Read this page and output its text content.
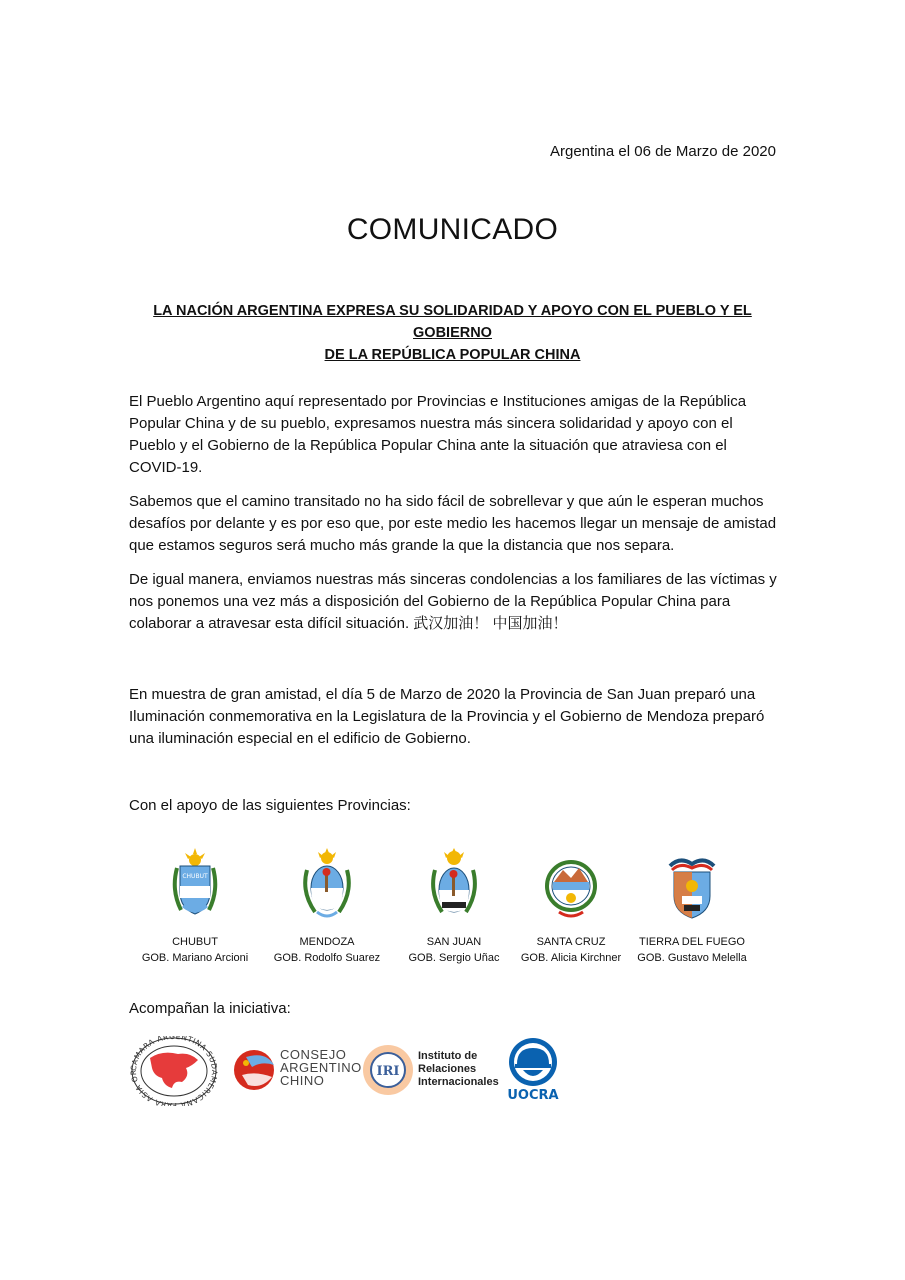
Argentina el 06 de Marzo de 2020
COMUNICADO
LA NACIÓN ARGENTINA EXPRESA SU SOLIDARIDAD Y APOYO CON EL PUEBLO Y EL GOBIERNO
DE LA REPÚBLICA POPULAR CHINA
El Pueblo Argentino aquí representado por Provincias e Instituciones amigas de la República Popular China y de su pueblo, expresamos nuestra más sincera solidaridad y apoyo con el Pueblo y el Gobierno de la República Popular China ante la situación que atraviesa con el COVID-19.
Sabemos que el camino transitado no ha sido fácil de sobrellevar y que aún le esperan muchos desafíos por delante y es por eso que, por este medio les hacemos llegar un mensaje de amistad que estamos seguros será mucho más grande la que la distancia que nos separa.
De igual manera, enviamos nuestras más sinceras condolencias a los familiares de las víctimas y nos ponemos una vez más a disposición del Gobierno de la República Popular China para colaborar a atravesar esta difícil situación. 武汉加油！ 中国加油！
En muestra de gran amistad, el día 5 de Marzo de 2020 la Provincia de San Juan preparó una Iluminación conmemorativa en la Legislatura de la Provincia y el Gobierno de Mendoza preparó una iluminación especial en el edificio de Gobierno.
Con el apoyo de las siguientes Provincias:
CHUBUT
CHUBUT
GOB. Mariano Arcioni
MENDOZA
GOB. Rodolfo Suarez
SAN JUAN
GOB. Sergio Uñac
SANTA CRUZ
GOB. Alicia Kirchner
TIERRA DEL FUEGO
GOB. Gustavo Melella
Acompañan la iniciativa:
CAMARA ARGENTINA SUDAMERICANA PARA ASIA OR
CONSEJO
ARGENTINO
CHINO
IRI
Instituto de
Relaciones
Internacionales
UOCRA
